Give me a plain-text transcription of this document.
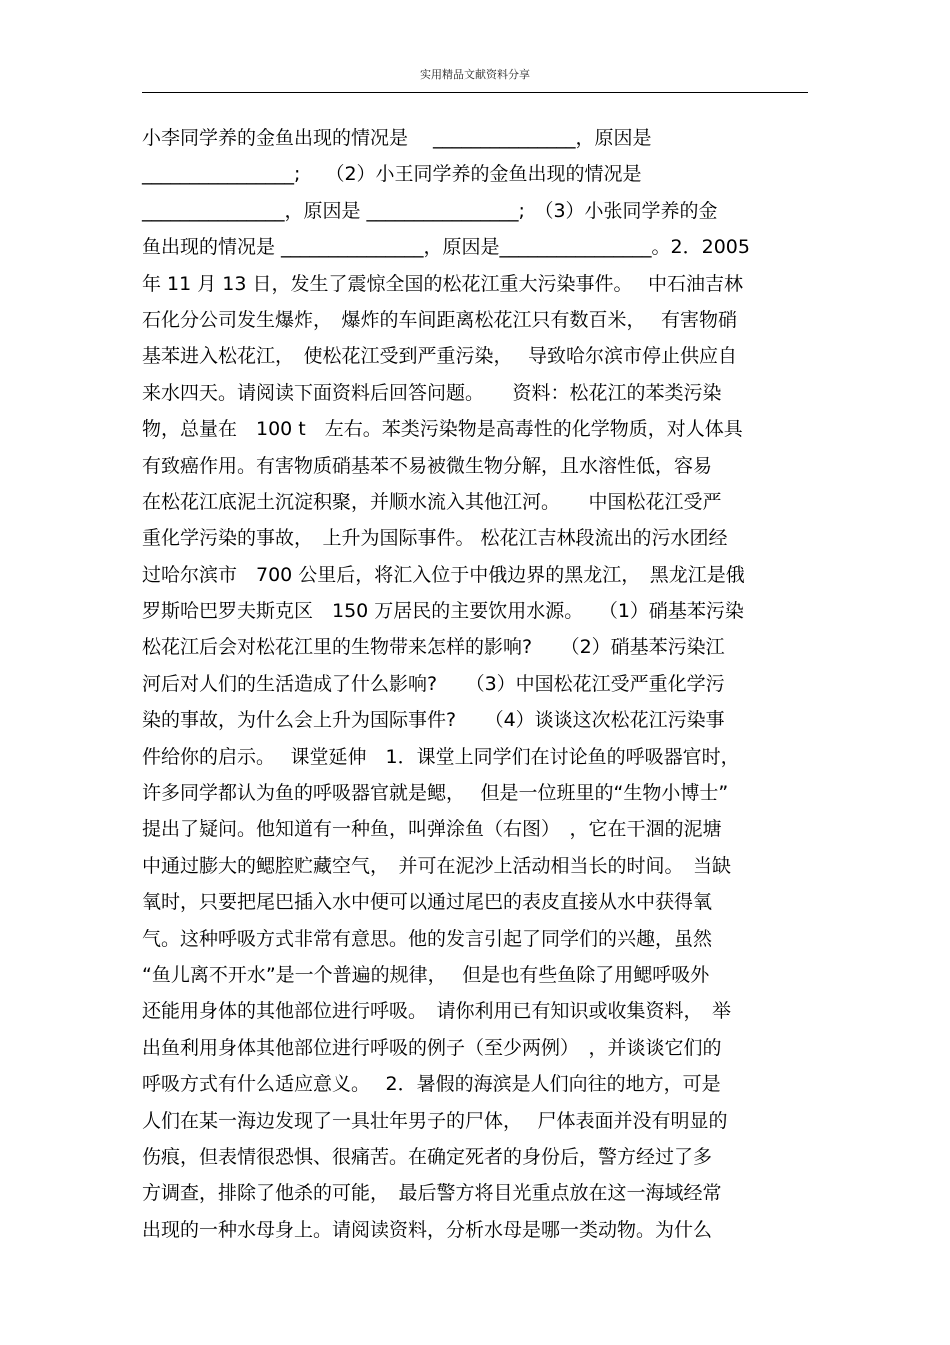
实用精品文献资料分享
小李同学养的金鱼出现的情况是　 _______________，原因是
________________;　 （2）小王同学养的金鱼出现的情况是
_______________，原因是 ________________;　（3）小张同学养的金
鱼出现的情况是 _______________，原因是________________。2．2005
年 11 月 13 日，发生了震惊全国的松花江重大污染事件。　 中石油吉林
石化分公司发生爆炸，　爆炸的车间距离松花江只有数百米，　 有害物硝
基苯进入松花江，　使松花江受到严重污染，　 导致哈尔滨市停止供应自
来水四天。请阅读下面资料后回答问题。　　资料：松花江的苯类污染
物，总量在　100 t　左右。苯类污染物是高毒性的化学物质，对人体具
有致癌作用。有害物质硝基苯不易被微生物分解，且水溶性低，容易
在松花江底泥土沉淀积聚，并顺水流入其他江河。　　中国松花江受严
重化学污染的事故，　上升为国际事件。 松花江吉林段流出的污水团经
过哈尔滨市　700 公里后，将汇入位于中俄边界的黑龙江，　黑龙江是俄
罗斯哈巴罗夫斯克区　150 万居民的主要饮用水源。　 （1）硝基苯污染
松花江后会对松花江里的生物带来怎样的影响?　　（2）硝基苯污染江
河后对人们的生活造成了什么影响?　　（3）中国松花江受严重化学污
染的事故，为什么会上升为国际事件?　　（4）谈谈这次松花江污染事
件给你的启示。　 课堂延伸　1．课堂上同学们在讨论鱼的呼吸器官时，
许多同学都认为鱼的呼吸器官就是鳃，　 但是一位班里的“生物小博士”
提出了疑问。他知道有一种鱼，叫弹涂鱼（右图）　，它在干涸的泥塘
中通过膨大的鳃腔贮藏空气，　并可在泥沙上活动相当长的时间。　当缺
氧时，只要把尾巴插入水中便可以通过尾巴的表皮直接从水中获得氧
气。这种呼吸方式非常有意思。他的发言引起了同学们的兴趣，虽然
“鱼儿离不开水”是一个普遍的规律，　 但是也有些鱼除了用鳃呼吸外
还能用身体的其他部位进行呼吸。　请你利用已有知识或收集资料，　举
出鱼利用身体其他部位进行呼吸的例子（至少两例）　，并谈谈它们的
呼吸方式有什么适应意义。　 2．暑假的海滨是人们向往的地方，可是
人们在某一海边发现了一具壮年男子的尸体，　 尸体表面并没有明显的
伤痕，但表情很恐惧、很痛苦。在确定死者的身份后，警方经过了多
方调查，排除了他杀的可能，　最后警方将目光重点放在这一海域经常
出现的一种水母身上。请阅读资料，分析水母是哪一类动物。为什么
